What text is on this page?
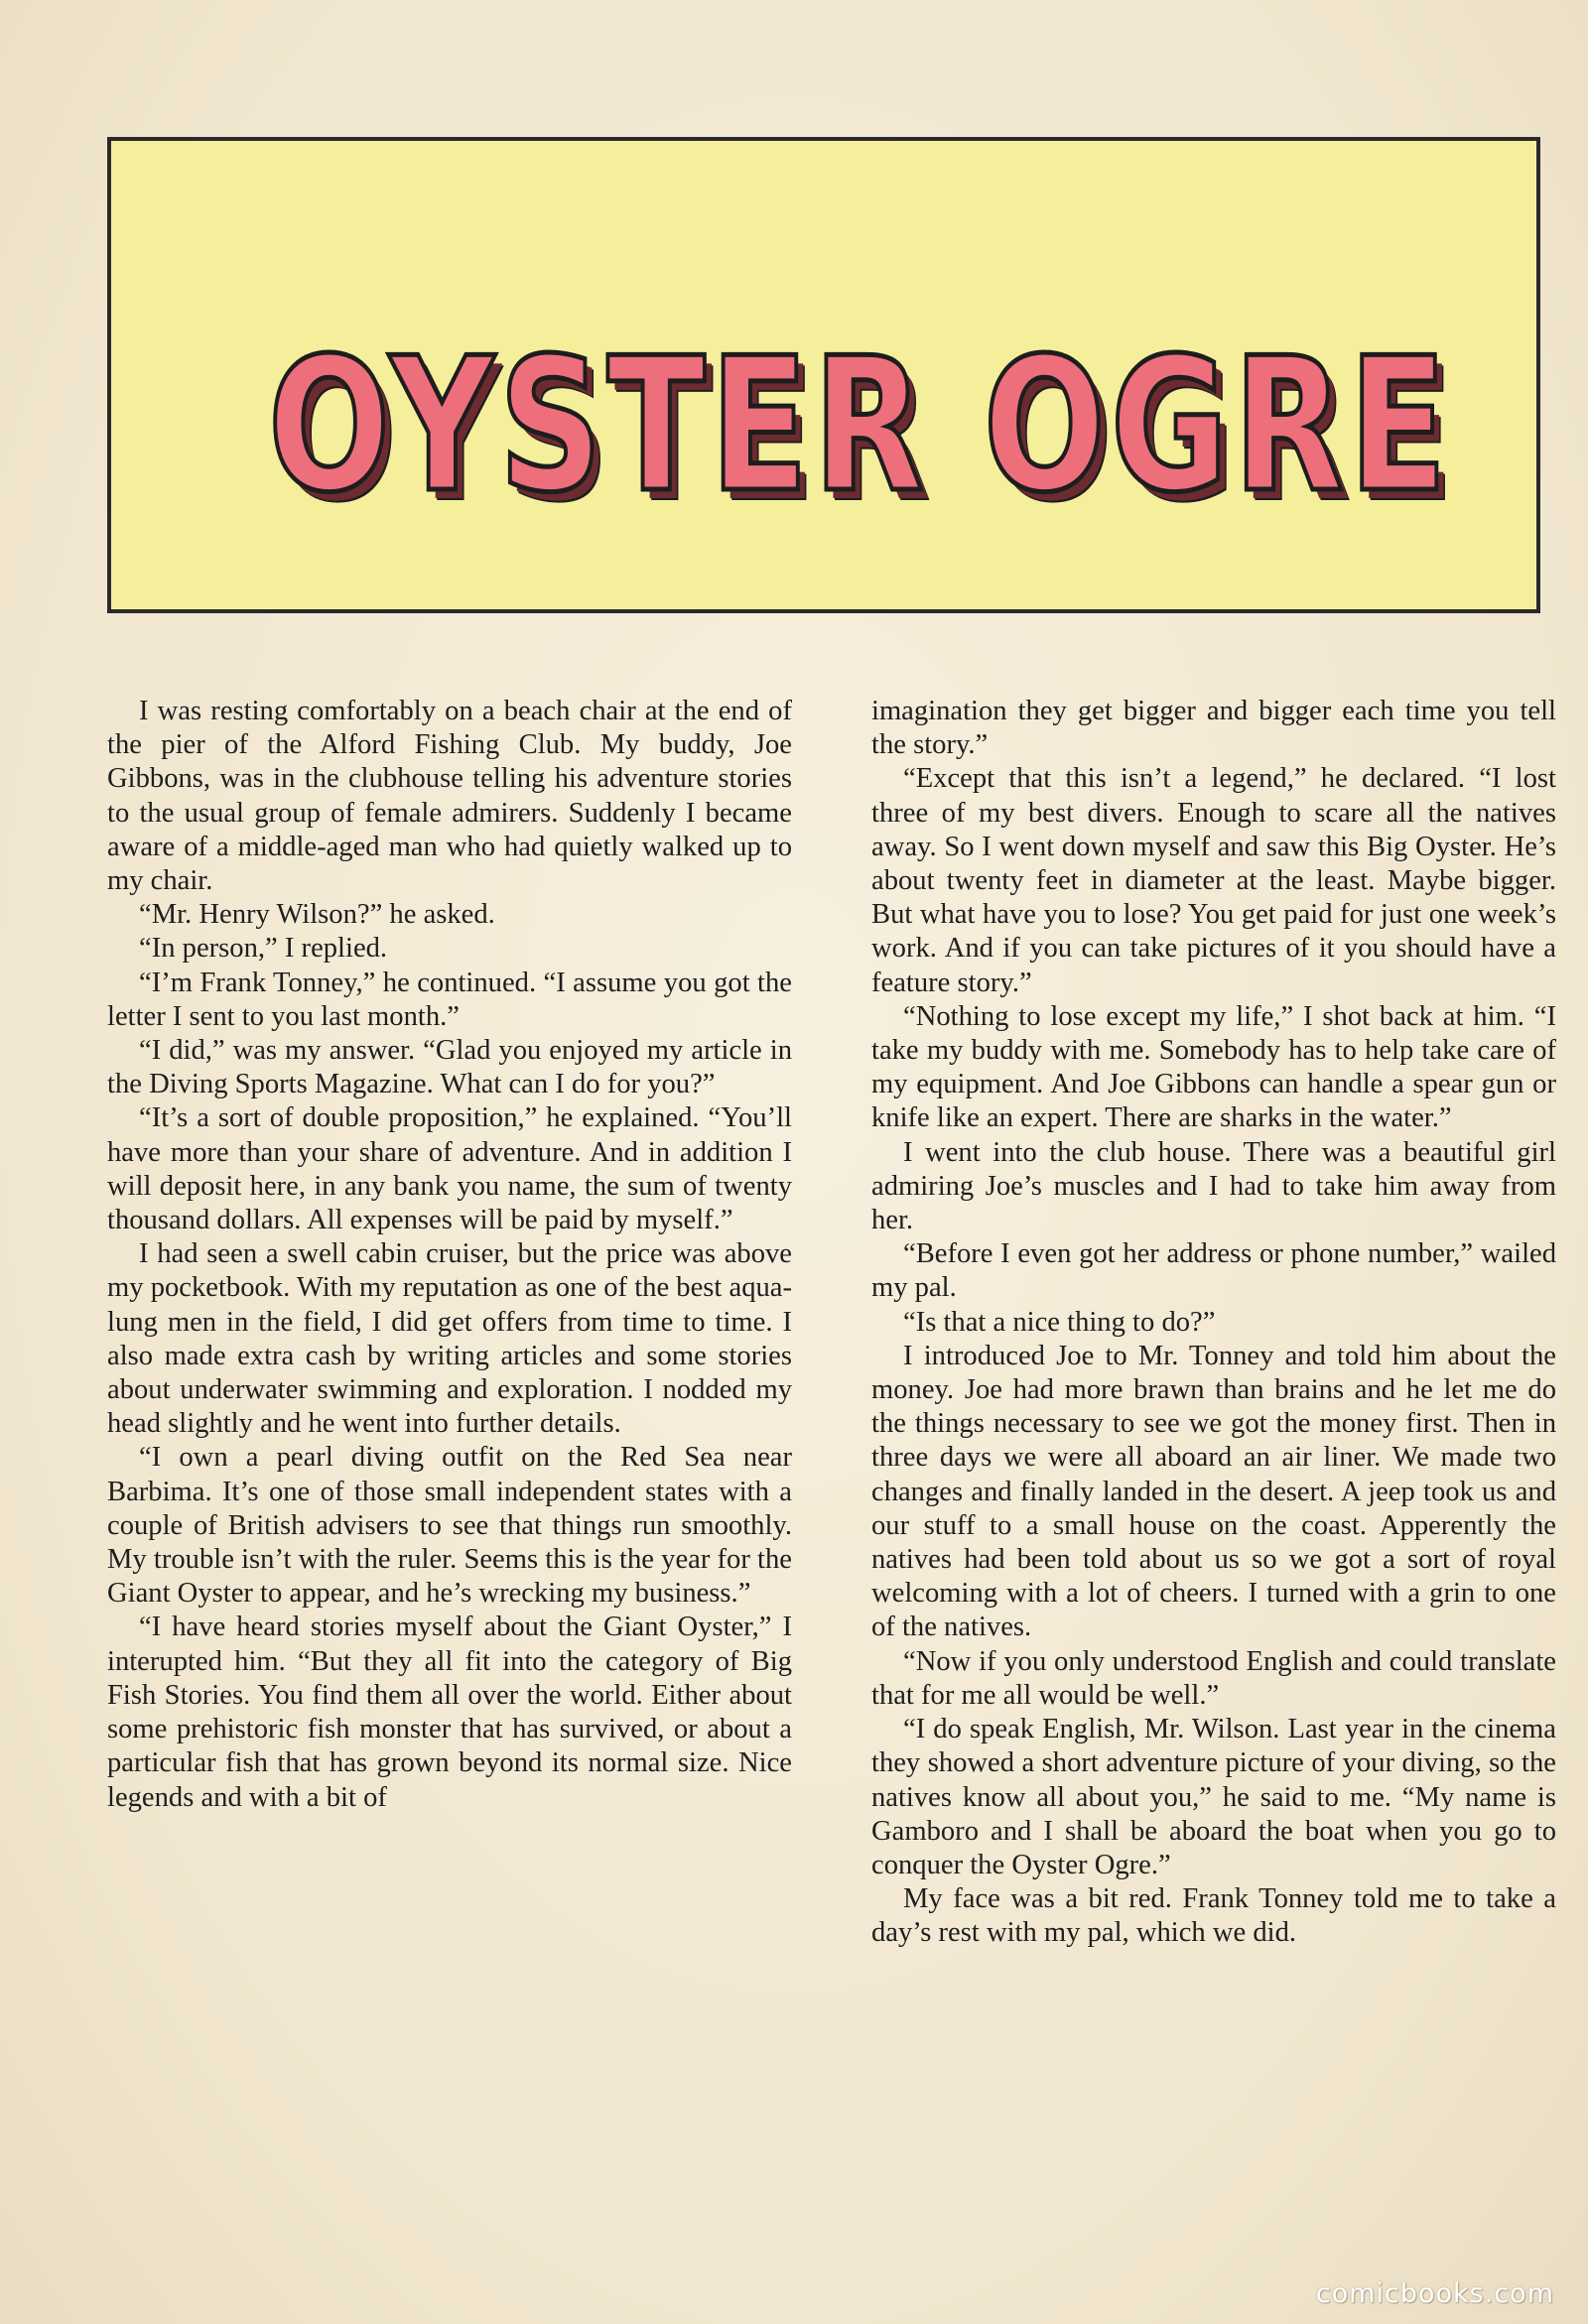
OYSTER OGRE

I was resting comfortably on a beach chair at the end of the pier of the Alford Fishing Club. My buddy, Joe Gibbons, was in the clubhouse telling his adventure stories to the usual group of female admirers. Suddenly I became aware of a middle-aged man who had quietly walked up to my chair.

“Mr. Henry Wilson?” he asked.

“In person,” I replied.

“I’m Frank Tonney,” he continued. “I assume you got the letter I sent to you last month.”

“I did,” was my answer. “Glad you enjoyed my article in the Diving Sports Magazine. What can I do for you?”

“It’s a sort of double proposition,” he explained. “You’ll have more than your share of adventure. And in addition I will deposit here, in any bank you name, the sum of twenty thousand dollars. All expenses will be paid by myself.”

I had seen a swell cabin cruiser, but the price was above my pocketbook. With my reputation as one of the best aqua-lung men in the field, I did get offers from time to time. I also made extra cash by writing articles and some stories about underwater swimming and exploration. I nodded my head slightly and he went into further details.

“I own a pearl diving outfit on the Red Sea near Barbima. It’s one of those small independent states with a couple of British advisers to see that things run smoothly. My trouble isn’t with the ruler. Seems this is the year for the Giant Oyster to appear, and he’s wrecking my business.”

“I have heard stories myself about the Giant Oyster,” I interupted him. “But they all fit into the category of Big Fish Stories. You find them all over the world. Either about some prehistoric fish monster that has survived, or about a particular fish that has grown beyond its normal size. Nice legends and with a bit of

imagination they get bigger and bigger each time you tell the story.”

“Except that this isn’t a legend,” he declared. “I lost three of my best divers. Enough to scare all the natives away. So I went down myself and saw this Big Oyster. He’s about twenty feet in diameter at the least. Maybe bigger. But what have you to lose? You get paid for just one week’s work. And if you can take pictures of it you should have a feature story.”

“Nothing to lose except my life,” I shot back at him. “I take my buddy with me. Somebody has to help take care of my equipment. And Joe Gibbons can handle a spear gun or knife like an expert. There are sharks in the water.”

I went into the club house. There was a beautiful girl admiring Joe’s muscles and I had to take him away from her.

“Before I even got her address or phone number,” wailed my pal.

“Is that a nice thing to do?”

I introduced Joe to Mr. Tonney and told him about the money. Joe had more brawn than brains and he let me do the things necessary to see we got the money first. Then in three days we were all aboard an air liner. We made two changes and finally landed in the desert. A jeep took us and our stuff to a small house on the coast. Apperently the natives had been told about us so we got a sort of royal welcoming with a lot of cheers. I turned with a grin to one of the natives.

“Now if you only understood English and could translate that for me all would be well.”

“I do speak English, Mr. Wilson. Last year in the cinema they showed a short adventure picture of your diving, so the natives know all about you,” he said to me. “My name is Gamboro and I shall be aboard the boat when you go to conquer the Oyster Ogre.”

My face was a bit red. Frank Tonney told me to take a day’s rest with my pal, which we did.

comicbooks.com
